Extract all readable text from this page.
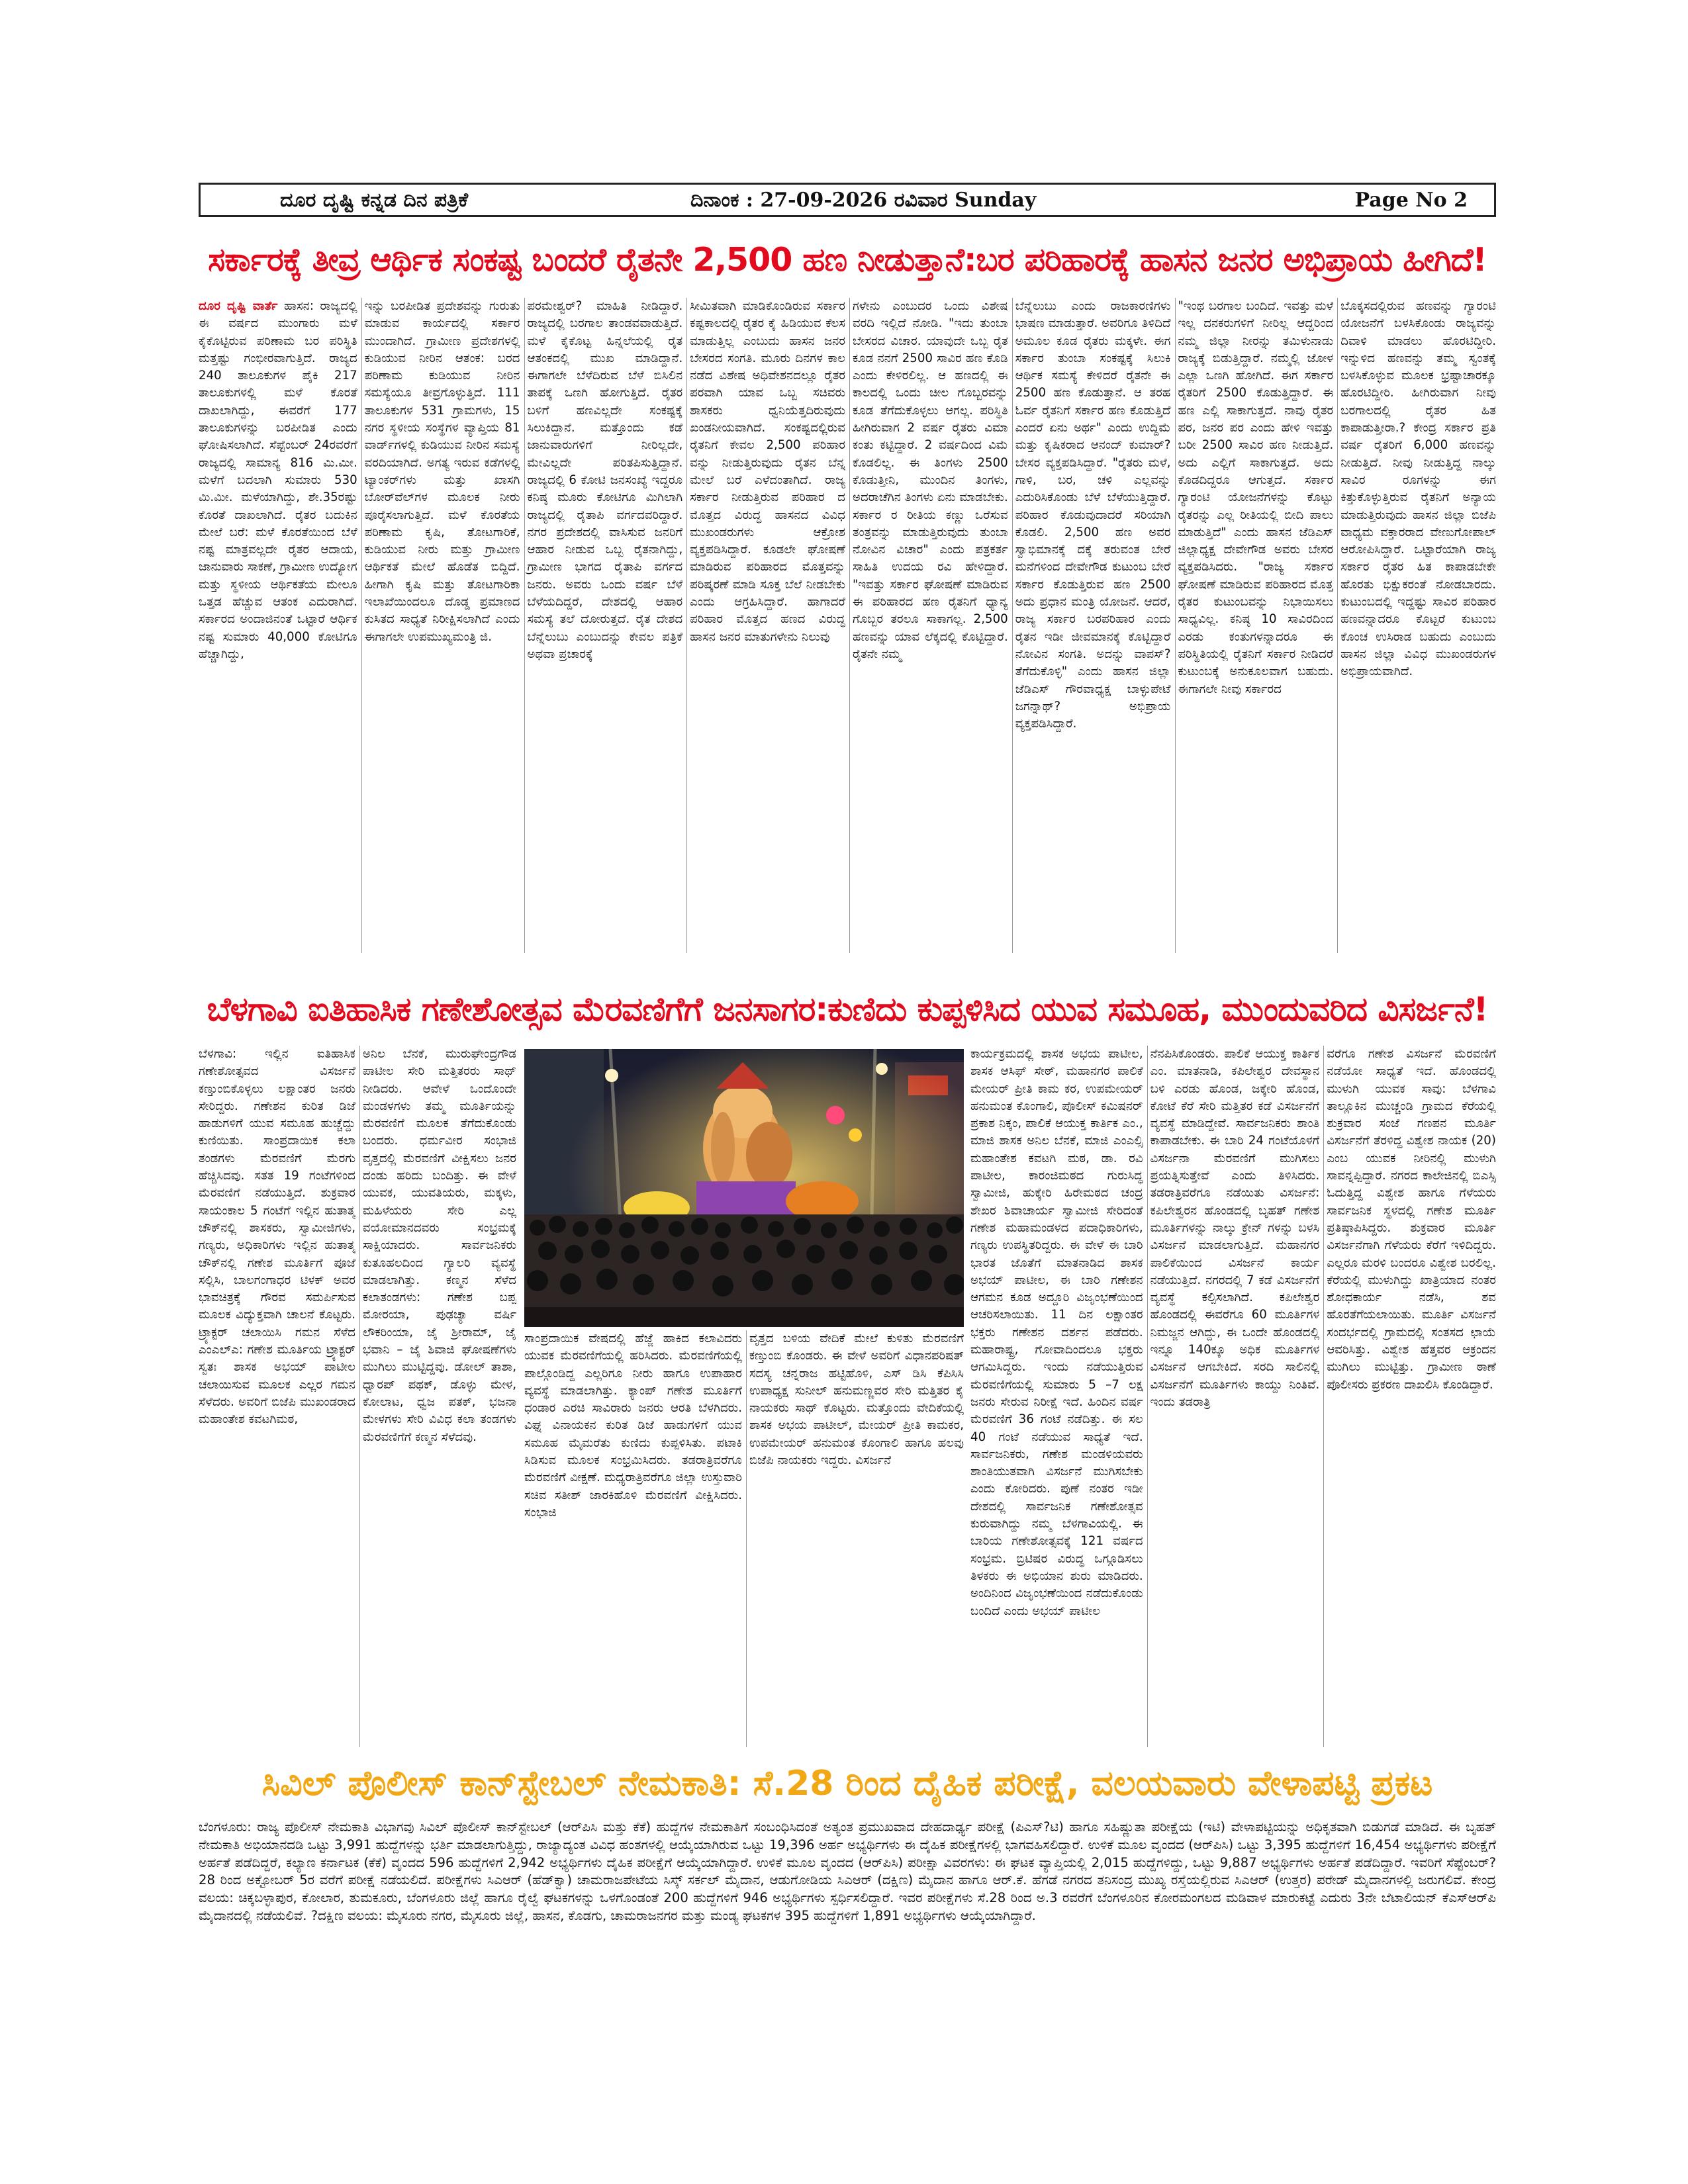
ದೂರ ದೃಷ್ಟಿ ಕನ್ನಡ ದಿನ ಪತ್ರಿಕೆ	ದಿನಾಂಕ : 27-09-2026 ರವಿವಾರ Sunday	Page No 2
ಸರ್ಕಾರಕ್ಕೆ ತೀವ್ರ ಆರ್ಥಿಕ ಸಂಕಷ್ಟ ಬಂದರೆ ರೈತನೇ 2,500 ಹಣ ನೀಡುತ್ತಾನೆ:ಬರ ಪರಿಹಾರಕ್ಕೆ ಹಾಸನ ಜನರ ಅಭಿಪ್ರಾಯ ಹೀಗಿದೆ!
ದೂರ ದೃಷ್ಟಿ ವಾರ್ತೆ ಹಾಸನ: ರಾಜ್ಯದಲ್ಲಿ ಈ ವರ್ಷದ ಮುಂಗಾರು ಮಳೆ ಕೈಕೊಟ್ಟಿರುವ ಪರಿಣಾಮ ಬರ ಪರಿಸ್ಥಿತಿ ಮತ್ತಷ್ಟು ಗಂಭೀರವಾಗುತ್ತಿದೆ. ರಾಜ್ಯದ 240 ತಾಲೂಕುಗಳ ಪೈಕಿ 217 ತಾಲೂಕುಗಳಲ್ಲಿ ಮಳೆ ಕೊರತೆ ದಾಖಲಾಗಿದ್ದು, ಈವರೆಗೆ 177 ತಾಲೂಕುಗಳನ್ನು ಬರಪೀಡಿತ ಎಂದು ಘೋಷಿಸಲಾಗಿದೆ. ಸೆಪ್ಟೆಂಬರ್ 24ರವರೆಗೆ ರಾಜ್ಯದಲ್ಲಿ ಸಾಮಾನ್ಯ 816 ಮಿ.ಮೀ. ಮಳೆಗೆ ಬದಲಾಗಿ ಸುಮಾರು 530 ಮಿ.ಮೀ. ಮಳೆಯಾಗಿದ್ದು, ಶೇ.35ರಷ್ಟು ಕೊರತೆ ದಾಖಲಾಗಿದೆ. ರೈತರ ಬದುಕಿನ ಮೇಲೆ ಬರೆ: ಮಳೆ ಕೊರತೆಯಿಂದ ಬೆಳೆ ನಷ್ಟ ಮಾತ್ರವಲ್ಲದೇ ರೈತರ ಆದಾಯ, ಜಾನುವಾರು ಸಾಕಣೆ, ಗ್ರಾಮೀಣ ಉದ್ಯೋಗ ಮತ್ತು ಸ್ಥಳೀಯ ಆರ್ಥಿಕತೆಯ ಮೇಲೂ ಒತ್ತಡ ಹೆಚ್ಚುವ ಆತಂಕ ಎದುರಾಗಿದೆ. ಸರ್ಕಾರದ ಅಂದಾಜಿನಂತೆ ಒಟ್ಟಾರೆ ಆರ್ಥಿಕ ನಷ್ಟ ಸುಮಾರು 40,000 ಕೋಟಿಗೂ ಹೆಚ್ಚಾಗಿದ್ದು,
ಇನ್ನು ಬರಪೀಡಿತ ಪ್ರದೇಶವನ್ನು ಗುರುತು ಮಾಡುವ ಕಾರ್ಯದಲ್ಲಿ ಸರ್ಕಾರ ಮುಂದಾಗಿದೆ. ಗ್ರಾಮೀಣ ಪ್ರದೇಶಗಳಲ್ಲಿ ಕುಡಿಯುವ ನೀರಿನ ಆತಂಕ: ಬರದ ಪರಿಣಾಮ ಕುಡಿಯುವ ನೀರಿನ ಸಮಸ್ಯೆಯೂ ತೀವ್ರಗೊಳ್ಳುತ್ತಿದೆ. 111 ತಾಲೂಕುಗಳ 531 ಗ್ರಾಮಗಳು, 15 ನಗರ ಸ್ಥಳೀಯ ಸಂಸ್ಥೆಗಳ ವ್ಯಾಪ್ತಿಯ 81 ವಾರ್ಡ್‌ಗಳಲ್ಲಿ ಕುಡಿಯುವ ನೀರಿನ ಸಮಸ್ಯೆ ವರದಿಯಾಗಿದೆ. ಅಗತ್ಯ ಇರುವ ಕಡೆಗಳಲ್ಲಿ ಟ್ಯಾಂಕರ್‌ಗಳು ಮತ್ತು ಖಾಸಗಿ ಬೋರ್‌ವೆಲ್‌ಗಳ ಮೂಲಕ ನೀರು ಪೂರೈಸಲಾಗುತ್ತಿದೆ. ಮಳೆ ಕೊರತೆಯ ಪರಿಣಾಮ ಕೃಷಿ, ತೋಟಗಾರಿಕೆ, ಕುಡಿಯುವ ನೀರು ಮತ್ತು ಗ್ರಾಮೀಣ ಆರ್ಥಿಕತೆ ಮೇಲೆ ಹೊಡೆತ ಬಿದ್ದಿದೆ. ಹೀಗಾಗಿ ಕೃಷಿ ಮತ್ತು ತೋಟಗಾರಿಕಾ ಇಲಾಖೆಯಿಂದಲೂ ದೊಡ್ಡ ಪ್ರಮಾಣದ ಕುಸಿತದ ಸಾಧ್ಯತೆ ನಿರೀಕ್ಷಿಸಲಾಗಿದೆ ಎಂದು ಈಗಾಗಲೇ ಉಪಮುಖ್ಯಮಂತ್ರಿ ಜಿ.
ಪರಮೇಶ್ವರ್? ಮಾಹಿತಿ ನೀಡಿದ್ದಾರೆ. ರಾಜ್ಯದಲ್ಲಿ ಬರಗಾಲ ತಾಂಡವವಾಡುತ್ತಿದೆ. ಮಳೆ ಕೈಕೊಟ್ಟ ಹಿನ್ನಲೆಯಲ್ಲಿ ರೈತ ಆತಂಕದಲ್ಲಿ ಮುಖ ಮಾಡಿದ್ದಾನೆ. ಈಗಾಗಲೇ ಬೆಳೆದಿರುವ ಬೆಳೆ ಬಿಸಿಲಿನ ತಾಪಕ್ಕೆ ಒಣಗಿ ಹೋಗುತ್ತಿದೆ. ರೈತರ ಬಳಿಗೆ ಹಣವಿಲ್ಲದೇ ಸಂಕಷ್ಟಕ್ಕೆ ಸಿಲುಕಿದ್ದಾನೆ. ಮತ್ತೊಂದು ಕಡೆ ಜಾನುವಾರುಗಳಿಗೆ ನೀರಿಲ್ಲದೇ, ಮೇವಿಲ್ಲದೇ ಪರಿತಪಿಸುತ್ತಿದ್ದಾನೆ. ರಾಜ್ಯದಲ್ಲಿ 6 ಕೋಟಿ ಜನಸಂಖ್ಯೆ ಇದ್ದರೂ ಕನಿಷ್ಠ ಮೂರು ಕೋಟಿಗೂ ಮಿಗಿಲಾಗಿ ರಾಜ್ಯದಲ್ಲಿ ರೈತಾಪಿ ವರ್ಗದವರಿದ್ದಾರೆ. ನಗರ ಪ್ರದೇಶದಲ್ಲಿ ವಾಸಿಸುವ ಜನರಿಗೆ ಆಹಾರ ನೀಡುವ ಒಬ್ಬ ರೈತನಾಗಿದ್ದು, ಗ್ರಾಮೀಣ ಭಾಗದ ರೈತಾಪಿ ವರ್ಗದ ಜನರು. ಅವರು ಒಂದು ವರ್ಷ ಬೆಳೆ ಬೆಳೆಯದಿದ್ದರೆ, ದೇಶದಲ್ಲಿ ಆಹಾರ ಸಮಸ್ಯೆ ತಲೆ ದೋರುತ್ತದೆ. ರೈತ ದೇಶದ ಬೆನ್ನೆಲುಬು ಎಂಬುದನ್ನು ಕೇವಲ ಪತ್ರಿಕೆ ಅಥವಾ ಪ್ರಚಾರಕ್ಕೆ
ಸೀಮಿತವಾಗಿ ಮಾಡಿಕೊಂಡಿರುವ ಸರ್ಕಾರ ಕಷ್ಟಕಾಲದಲ್ಲಿ ರೈತರ ಕೈ ಹಿಡಿಯುವ ಕೆಲಸ ಮಾಡುತ್ತಿಲ್ಲ ಎಂಬುದು ಹಾಸನ ಜನರ ಬೇಸರದ ಸಂಗತಿ. ಮೂರು ದಿನಗಳ ಕಾಲ ನಡೆದ ವಿಶೇಷ ಅಧಿವೇಶನದಲ್ಲೂ ರೈತರ ಪರವಾಗಿ ಯಾವ ಒಬ್ಬ ಸಚಿವರು ಶಾಸಕರು ಧ್ವನಿಯೆತ್ತದಿರುವುದು ಖಂಡನೀಯವಾಗಿದೆ. ಸಂಕಷ್ಟದಲ್ಲಿರುವ ರೈತನಿಗೆ ಕೇವಲ 2,500 ಪರಿಹಾರ ವನ್ನು ನೀಡುತ್ತಿರುವುದು ರೈತನ ಬೆನ್ನ ಮೇಲೆ ಬರೆ ಎಳೆದಂತಾಗಿದೆ. ರಾಜ್ಯ ಸರ್ಕಾರ ನೀಡುತ್ತಿರುವ ಪರಿಹಾರ ದ ಮೊತ್ತದ ವಿರುದ್ಧ ಹಾಸನದ ವಿವಿಧ ಮುಖಂಡರುಗಳು ಆಕ್ರೋಶ ವ್ಯಕ್ತಪಡಿಸಿದ್ದಾರೆ. ಕೂಡಲೇ ಘೋಷಣೆ ಮಾಡಿರುವ ಪರಿಹಾರದ ಮೊತ್ತವನ್ನು ಪರಿಷ್ಕರಣೆ ಮಾಡಿ ಸೂಕ್ತ ಬೆಲೆ ನೀಡಬೇಕು ಎಂದು ಆಗ್ರಹಿಸಿದ್ದಾರೆ. ಹಾಗಾದರೆ ಪರಿಹಾರ ಮೊತ್ತದ ಹಣದ ವಿರುದ್ಧ ಹಾಸನ ಜನರ ಮಾತುಗಳೇನು ನಿಲುವು
ಗಳೇನು ಎಂಬುದರ ಒಂದು ವಿಶೇಷ ವರದಿ ಇಲ್ಲಿದೆ ನೋಡಿ. "ಇದು ತುಂಬಾ ಬೇಸರದ ವಿಚಾರ. ಯಾವುದೇ ಒಬ್ಬ ರೈತ ಕೂಡ ನನಗೆ 2500 ಸಾವಿರ ಹಣ ಕೊಡಿ ಎಂದು ಕೇಳಿರಲಿಲ್ಲ. ಆ ಹಣದಲ್ಲಿ ಈ ಕಾಲದಲ್ಲಿ ಒಂದು ಚೀಲ ಗೊಬ್ಬರವನ್ನು ಕೂಡ ತೆಗೆದುಕೊಳ್ಳಲು ಆಗಲ್ಲ. ಪರಿಸ್ಥಿತಿ ಹೀಗಿರುವಾಗ 2 ವರ್ಷ ರೈತರು ವಿಮಾ ಕಂತು ಕಟ್ಟಿದ್ದಾರೆ. 2 ವರ್ಷದಿಂದ ವಿಮೆ ಕೊಡಲಿಲ್ಲ. ಈ ತಿಂಗಳು 2500 ಕೊಡುತ್ತೀನಿ, ಮುಂದಿನ ತಿಂಗಳು, ಅದರಾಚೆಗಿನ ತಿಂಗಳು ಏನು ಮಾಡಬೇಕು. ಸರ್ಕಾರ ರ ರೀತಿಯ ಕಣ್ಣು ಒರೆಸುವ ತಂತ್ರವನ್ನು ಮಾಡುತ್ತಿರುವುದು ತುಂಬಾ ನೋವಿನ ವಿಚಾರ" ಎಂದು ಪತ್ರಕರ್ತ ಸಾಹಿತಿ ಉದಯ ರವಿ ಹೇಳಿದ್ದಾರೆ. "ಇವತ್ತು ಸರ್ಕಾರ ಘೋಷಣೆ ಮಾಡಿರುವ ಈ ಪರಿಹಾರದ ಹಣ ರೈತನಿಗೆ ಧ್ಯಾನ್ಯ ಗೊಬ್ಬರ ತರಲೂ ಸಾಕಾಗಲ್ಲ. 2,500 ಹಣವನ್ನು ಯಾವ ಲೆಕ್ಕದಲ್ಲಿ ಕೊಟ್ಟಿದ್ದಾರೆ. ರೈತನೇ ನಮ್ಮ
ಬೆನ್ನೆಲುಬು ಎಂದು ರಾಜಕಾರಣಿಗಳು ಭಾಷಣ ಮಾಡುತ್ತಾರೆ. ಅವರಿಗೂ ತಿಳಿದಿದೆ ಅಮೂಲ ಕೂಡ ರೈತರು ಮಕ್ಕಳೇ. ಈಗ ಸರ್ಕಾರ ತುಂಬಾ ಸಂಕಷ್ಟಕ್ಕೆ ಸಿಲುಕಿ ಆರ್ಥಿಕ ಸಮಸ್ಯೆ ಕೇಳಿದರೆ ರೈತನೇ ಈ 2500 ಹಣ ಕೊಡುತ್ತಾನೆ. ಆ ತರಹ ಓರ್ವ ರೈತನಿಗೆ ಸರ್ಕಾರ ಹಣ ಕೊಡುತ್ತಿದೆ ಎಂದರೆ ಏನು ಅರ್ಥ" ಎಂದು ಉದ್ದಿಮೆ ಮತ್ತು ಕೃಷಿಕರಾದ ಆನಂದ್ ಕುಮಾರ್? ಬೇಸರ ವ್ಯಕ್ತಪಡಿಸಿದ್ದಾರೆ. "ರೈತರು ಮಳೆ, ಗಾಳಿ, ಬರ, ಚಳಿ ಎಲ್ಲವನ್ನು ಎದುರಿಸಿಕೊಂಡು ಬೆಳೆ ಬೆಳೆಯುತ್ತಿದ್ದಾರೆ. ಪರಿಹಾರ ಕೊಡುವುದಾದರೆ ಸರಿಯಾಗಿ ಕೊಡಲಿ. 2,500 ಹಣ ಅವರ ಸ್ವಾಭಿಮಾನಕ್ಕೆ ದಕ್ಕೆ ತರುವಂತ ಬೇರೆ ಮನೆಗಳಿಂದ ದೇವೇಗೌಡ ಕುಟುಂಬ ಬೇರೆ ಸರ್ಕಾರ ಕೊಡುತ್ತಿರುವ ಹಣ 2500 ಅದು ಪ್ರಧಾನ ಮಂತ್ರಿ ಯೋಜನೆ. ಆದರೆ, ರಾಜ್ಯ ಸರ್ಕಾರ ಬರಪರಿಹಾರ ಎಂದು ರೈತನ ಇಡೀ ಜೀವಮಾನಕ್ಕೆ ಕೊಟ್ಟಿದ್ದಾರೆ ನೋವಿನ ಸಂಗತಿ. ಅದನ್ನು ವಾಪಸ್? ತೆಗೆದುಕೊಳ್ಳಿ" ಎಂದು ಹಾಸನ ಜಿಲ್ಲಾ ಜೆಡಿಎಸ್ ಗೌರವಾಧ್ಯಕ್ಷ ಬಾಳ್ಳುಪೇಟೆ ಜಗನ್ನಾಥ್? ಅಭಿಪ್ರಾಯ ವ್ಯಕ್ತಪಡಿಸಿದ್ದಾರೆ.
"ಇಂಥ ಬರಗಾಲ ಬಂದಿದೆ. ಇವತ್ತು ಮಳೆ ಇಲ್ಲ ದನಕರುಗಳಿಗೆ ನೀರಿಲ್ಲ ಆದ್ದರಿಂದ ನಮ್ಮ ಜಿಲ್ಲಾ ನೀರನ್ನು ತಮಿಳುನಾಡು ರಾಜ್ಯಕ್ಕೆ ಬಿಡುತ್ತಿದ್ದಾರೆ. ನಮ್ಮಲ್ಲಿ ಜೋಳ ಎಲ್ಲಾ ಒಣಗಿ ಹೋಗಿದೆ. ಈಗ ಸರ್ಕಾರ ರೈತರಿಗೆ 2500 ಕೊಡುತ್ತಿದ್ದಾರೆ. ಈ ಹಣ ಎಲ್ಲಿ ಸಾಕಾಗುತ್ತದೆ. ನಾವು ರೈತರ ಪರ, ಜನರ ಪರ ಎಂದು ಹೇಳಿ ಇವತ್ತು ಬರೀ 2500 ಸಾವಿರ ಹಣ ನೀಡುತ್ತಿದೆ. ಅದು ಎಲ್ಲಿಗೆ ಸಾಕಾಗುತ್ತದೆ. ಅದು ಕೊಡದಿದ್ದರೂ ಆಗುತ್ತದೆ. ಸರ್ಕಾರ ಗ್ಯಾರಂಟಿ ಯೋಜನೆಗಳನ್ನು ಕೊಟ್ಟು ರೈತರನ್ನು ಎಲ್ಲ ರೀತಿಯಲ್ಲಿ ಬೀದಿ ಪಾಲು ಮಾಡುತ್ತಿದೆ" ಎಂದು ಹಾಸನ ಜೆಡಿಎಸ್ ಜಿಲ್ಲಾಧ್ಯಕ್ಷ ದೇವೇಗೌಡ ಅವರು ಬೇಸರ ವ್ಯಕ್ತಪಡಿಸಿದರು. "ರಾಜ್ಯ ಸರ್ಕಾರ ಘೋಷಣೆ ಮಾಡಿರುವ ಪರಿಹಾರದ ಮೊತ್ತ ರೈತರ ಕುಟುಂಬವನ್ನು ನಿಭಾಯಿಸಲು ಸಾಧ್ಯವಿಲ್ಲ. ಕನಿಷ್ಠ 10 ಸಾವಿರದಿಂದ ಎರಡು ಕಂತುಗಳನ್ನಾದರೂ ಈ ಪರಿಸ್ಥಿತಿಯಲ್ಲಿ ರೈತನಿಗೆ ಸರ್ಕಾರ ನೀಡಿದರೆ ಕುಟುಂಬಕ್ಕೆ ಅನುಕೂಲವಾಗ ಬಹುದು. ಈಗಾಗಲೇ ನೀವು ಸರ್ಕಾರದ
ಬೊಕ್ಕಸದಲ್ಲಿರುವ ಹಣವನ್ನು ಗ್ಯಾರಂಟಿ ಯೋಜನೆಗೆ ಬಳಸಿಕೊಂಡು ರಾಜ್ಯವನ್ನು ದಿವಾಳಿ ಮಾಡಲು ಹೊರಟಿದ್ದೀರಿ. ಇನ್ನುಳಿದ ಹಣವನ್ನು ತಮ್ಮ ಸ್ವಂತಕ್ಕೆ ಬಳಸಿಕೊಳ್ಳುವ ಮೂಲಕ ಭ್ರಷ್ಟಾಚಾರಕ್ಕೂ ಹೊರಟಿದ್ದೀರಿ. ಹೀಗಿರುವಾಗ ನೀವು ಬರಗಾಲದಲ್ಲಿ ರೈತರ ಹಿತ ಕಾಪಾಡುತ್ತೀರಾ.? ಕೇಂದ್ರ ಸರ್ಕಾರ ಪ್ರತಿ ವರ್ಷ ರೈತರಿಗೆ 6,000 ಹಣವನ್ನು ನೀಡುತ್ತಿದೆ. ನೀವು ನೀಡುತ್ತಿದ್ದ ನಾಲ್ಕು ಸಾವಿರ ರೂಗಳನ್ನು ಈಗ ಕಿತ್ತುಕೊಳ್ಳುತ್ತಿರುವ ರೈತನಿಗೆ ಅನ್ಯಾಯ ಮಾಡುತ್ತಿರುವುದು ಹಾಸನ ಜಿಲ್ಲಾ ಬಿಜೆಪಿ ವಾಧ್ಯಮ ವಕ್ತಾರರಾದ ವೇಣುಗೋಪಾಲ್ ಆರೋಪಿಸಿದ್ದಾರೆ. ಒಟ್ಟಾರೆಯಾಗಿ ರಾಜ್ಯ ಸರ್ಕಾರ ರೈತರ ಹಿತ ಕಾಪಾಡಬೇಕೇ ಹೊರತು ಭಿಕ್ಷುಕರಂತೆ ನೋಡಬಾರದು. ಕುಟುಂಬದಲ್ಲಿ ಇದ್ದಷ್ಟು ಸಾವಿರ ಪರಿಹಾರ ಹಣವನ್ನಾದರೂ ಕೊಟ್ಟರೆ ಕುಟುಂಬ ಕೊಂಚ ಉಸಿರಾಡ ಬಹುದು ಎಂಬುದು ಹಾಸನ ಜಿಲ್ಲಾ ವಿವಿಧ ಮುಖಂಡರುಗಳ ಅಭಿಪ್ರಾಯವಾಗಿದೆ.
ಬೆಳಗಾವಿ ಐತಿಹಾಸಿಕ ಗಣೇಶೋತ್ಸವ ಮೆರವಣಿಗೆಗೆ ಜನಸಾಗರ:ಕುಣಿದು ಕುಪ್ಪಳಿಸಿದ ಯುವ ಸಮೂಹ, ಮುಂದುವರಿದ ವಿಸರ್ಜನೆ!
ಬೆಳಗಾವಿ: ಇಲ್ಲಿನ ಐತಿಹಾಸಿಕ ಗಣೇಶೋತ್ಸವದ ವಿಸರ್ಜನೆ ಕಣ್ತುಂಬಿಕೊಳ್ಳಲು ಲಕ್ಷಾಂತರ ಜನರು ಸೇರಿದ್ದರು. ಗಣೇಶನ ಕುರಿತ ಡಿಜೆ ಹಾಡುಗಳಿಗೆ ಯುವ ಸಮೂಹ ಹುಚ್ಚೆದ್ದು ಕುಣಿಯಿತು. ಸಾಂಪ್ರದಾಯಿಕ ಕಲಾ ತಂಡಗಳು ಮೆರವಣಿಗೆ ಮೆರಗು ಹೆಚ್ಚಿಸಿದವು. ಸತತ 19 ಗಂಟೆಗಳಿಂದ ಮೆರವಣಿಗೆ ನಡೆಯುತ್ತಿದೆ. ಶುಕ್ರವಾರ ಸಾಯಂಕಾಲ 5 ಗಂಟೆಗೆ ಇಲ್ಲಿನ ಹುತಾತ್ಮ ಚೌಕ್‌ನಲ್ಲಿ ಶಾಸಕರು, ಸ್ವಾಮೀಜಿಗಳು, ಗಣ್ಯರು, ಅಧಿಕಾರಿಗಳು ಇಲ್ಲಿನ ಹುತಾತ್ಮ ಚೌಕ್‌ನಲ್ಲಿ ಗಣೇಶ ಮೂರ್ತಿಗೆ ಪೂಜೆ ಸಲ್ಲಿಸಿ, ಬಾಲಗಂಗಾಧರ ಟಿಳಕ್ ಅವರ ಭಾವಚಿತ್ರಕ್ಕೆ ಗೌರವ ಸಮರ್ಪಿಸುವ ಮೂಲಕ ವಿದ್ಯುಕ್ತವಾಗಿ ಚಾಲನೆ ಕೊಟ್ಟರು. ಟ್ರ್ಯಾಕ್ಟರ್ ಚಲಾಯಿಸಿ ಗಮನ ಸೆಳೆದ ಎಂಎಲ್‌ಎ: ಗಣೇಶ ಮೂರ್ತಿಯ ಟ್ರ್ಯಾಕ್ಟರ್ ಸ್ವತಃ ಶಾಸಕ ಅಭಯ್ ಪಾಟೀಲ ಚಲಾಯಿಸುವ ಮೂಲಕ ಎಲ್ಲರ ಗಮನ ಸೆಳೆದರು. ಅವರಿಗೆ ಬಿಜೆಪಿ ಮುಖಂಡರಾದ ಮಹಾಂತೇಶ ಕವಟಗಿಮಠ,
ಅನಿಲ ಬೆನಕೆ, ಮುರುಘೇಂದ್ರಗೌಡ ಪಾಟೀಲ ಸೇರಿ ಮತ್ತಿತರರು ಸಾಥ್ ನೀಡಿದರು. ಆವೇಳೆ ಒಂದೊಂದೇ ಮಂಡಳಗಳು ತಮ್ಮ ಮೂರ್ತಿಯನ್ನು ಮೆರವಣಿಗೆ ಮೂಲಕ ತೆಗೆದುಕೊಂಡು ಬಂದರು. ಧರ್ಮವೀರ ಸಂಭಾಜಿ ವೃತ್ತದಲ್ಲಿ ಮೆರವಣಿಗೆ ವೀಕ್ಷಿಸಲು ಜನರ ದಂಡು ಹರಿದು ಬಂದಿತ್ತು. ಈ ವೇಳೆ ಯುವಕ, ಯುವತಿಯರು, ಮಕ್ಕಳು, ಮಹಿಳೆಯರು ಸೇರಿ ಎಲ್ಲ ವಯೋಮಾನದವರು ಸಂಭ್ರಮಕ್ಕೆ ಸಾಕ್ಷಿಯಾದರು. ಸಾರ್ವಜನಿಕರು ಕುತೂಹಲದಿಂದ ಗ್ಯಾಲರಿ ವ್ಯವಸ್ಥೆ ಮಾಡಲಾಗಿತ್ತು. ಕಣ್ಮನ ಸೆಳೆದ ಕಲಾತಂಡಗಳು: ಗಣೇಶ ಬಪ್ಪ ಮೋರಯಾ, ಪುಢಚ್ಯಾ ವರ್ಷಿ ಲೌಕರಿಂಯಾ, ಜೈ ಶ್ರೀರಾಮ್, ಜೈ ಭವಾನಿ – ಜೈ ಶಿವಾಜಿ ಘೋಷಣೆಗಳು ಮುಗಿಲು ಮುಟ್ಟಿದ್ದವು. ಡೋಲ್ ತಾಶಾ, ಧ್ವಾರಪ್ ಪಥಕ್, ಡೊಳ್ಳು ಮೇಳ, ಕೋಲಾಟ, ಧ್ವಜ ಪತಕ್, ಭಜನಾ ಮೇಳಗಳು ಸೇರಿ ವಿವಿಧ ಕಲಾ ತಂಡಗಳು ಮೆರವಣಿಗೆಗೆ ಕಣ್ಮನ ಸೆಳೆದವು.
ಸಾಂಪ್ರದಾಯಿಕ ವೇಷದಲ್ಲಿ ಹೆಜ್ಜೆ ಹಾಕಿದ ಕಲಾವಿದರು ಯುವಕ ಮೆರವಣಿಗೆಯಲ್ಲಿ ಹರಿಸಿದರು. ಮೆರವಣಿಗೆಯಲ್ಲಿ ಪಾಲ್ಗೊಂಡಿದ್ದ ಎಲ್ಲರಿಗೂ ನೀರು ಹಾಗೂ ಉಪಾಹಾರ ವ್ಯವಸ್ಥೆ ಮಾಡಲಾಗಿತ್ತು. ಕ್ಯಾಂಪ್ ಗಣೇಶ ಮೂರ್ತಿಗೆ ಧಂಡಾರ ಎರಚಿ ಸಾವಿರಾರು ಜನರು ಆರತಿ ಬೆಳಗಿದರು. ವಿಘ್ನ ವಿನಾಯಕನ ಕುರಿತ ಡಿಜೆ ಹಾಡುಗಳಿಗೆ ಯುವ ಸಮೂಹ ಮೈಮರೆತು ಕುಣಿದು ಕುಪ್ಪಳಿಸಿತು. ಪಟಾಕಿ ಸಿಡಿಸುವ ಮೂಲಕ ಸಂಭ್ರಮಿಸಿದರು. ತಡರಾತ್ರಿವರೆಗೂ ಮೆರವಣಿಗೆ ವೀಕ್ಷಣೆ. ಮಧ್ಯರಾತ್ರಿವರೆಗೂ ಜಿಲ್ಲಾ ಉಸ್ತುವಾರಿ ಸಚಿವ ಸತೀಶ್ ಜಾರಕಿಹೊಳಿ ಮೆರವಣಿಗೆ ವೀಕ್ಷಿಸಿದರು. ಸಂಭಾಜಿ
ವೃತ್ತದ ಬಳಿಯ ವೇದಿಕೆ ಮೇಲೆ ಕುಳಿತು ಮೆರವಣಿಗೆ ಕಣ್ತುಂಬಿ ಕೊಂಡರು. ಈ ವೇಳೆ ಅವರಿಗೆ ವಿಧಾನಪರಿಷತ್ ಸದಸ್ಯ ಚನ್ನರಾಜ ಹಟ್ಟಿಹೊಳಿ, ಎಸ್ ಡಿಸಿ ಕೆಪಿಸಿಸಿ ಉಪಾಧ್ಯಕ್ಷ ಸುನೀಲ್ ಹನುಮಣ್ಣವರ ಸೇರಿ ಮತ್ತಿತರ ಕೈ ನಾಯಕರು ಸಾಥ್ ಕೊಟ್ಟರು. ಮತ್ತೊಂದು ವೇದಿಕೆಯಲ್ಲಿ ಶಾಸಕ ಅಭಯ ಪಾಟೀಲ್, ಮೇಯರ್ ಪ್ರೀತಿ ಕಾಮಕರ, ಉಪಮೇಯರ್ ಹನುಮಂತ ಕೊಂಗಾಲಿ ಹಾಗೂ ಹಲವು ಬಿಜೆಪಿ ನಾಯಕರು ಇದ್ದರು. ವಿಸರ್ಜನೆ
ಕಾರ್ಯಕ್ರಮದಲ್ಲಿ ಶಾಸಕ ಅಭಯ ಪಾಟೀಲ, ಶಾಸಕ ಆಸಿಫ್ ಸೇಠ್, ಮಹಾನಗರ ಪಾಲಿಕೆ ಮೇಯರ್ ಪ್ರೀತಿ ಕಾಮ ಕರ, ಉಪಮೇಯರ್ ಹನುಮಂತ ಕೊಂಗಾಲಿ, ಪೊಲೀಸ್ ಕಮಿಷನರ್ ಪ್ರಕಾಶ ನಿಕ್ಕಂ, ಪಾಲಿಕೆ ಆಯುಕ್ತ ಕಾರ್ತಿಕ ಎಂ., ಮಾಜಿ ಶಾಸಕ ಅನಿಲ ಬೆನಕೆ, ಮಾಜಿ ಎಂಎಲ್ಸಿ ಮಹಾಂತೇಶ ಕವಟಗಿ ಮಠ, ಡಾ. ರವಿ ಪಾಟೀಲ, ಕಾರಂಜಿಮಠದ ಗುರುಸಿದ್ಧ ಸ್ವಾಮೀಜಿ, ಹುಕ್ಕೇರಿ ಹಿರೇಮಠದ ಚಂದ್ರ ಶೇಖರ ಶಿವಾಚಾರ್ಯ ಸ್ವಾಮೀಜಿ ಸೇರಿದಂತೆ ಗಣೇಶ ಮಹಾಮಂಡಳದ ಪದಾಧಿಕಾರಿಗಳು, ಗಣ್ಯರು ಉಪಸ್ಥಿತರಿದ್ದರು. ಈ ವೇಳೆ ಈ ಬಾರಿ ಭಾರತ ಜೊತೆಗೆ ಮಾತನಾಡಿದ ಶಾಸಕ ಅಭಯ್ ಪಾಟೀಲ, ಈ ಬಾರಿ ಗಣೇಶನ ಆಗಮನ ಕೂಡ ಅದ್ದೂರಿ ವಿಜೃಂಭಣೆಯಿಂದ ಆಚರಿಸಲಾಯಿತು. 11 ದಿನ ಲಕ್ಷಾಂತರ ಭಕ್ತರು ಗಣೇಶನ ದರ್ಶನ ಪಡೆದರು. ಮಹಾರಾಷ್ಟ್ರ, ಗೋವಾದಿಂದಲೂ ಭಕ್ತರು ಆಗಮಿಸಿದ್ದರು. ಇಂದು ನಡೆಯುತ್ತಿರುವ ಮೆರವಣಿಗೆಯಲ್ಲಿ ಸುಮಾರು 5 –7 ಲಕ್ಷ ಜನರು ಸೇರುವ ನಿರೀಕ್ಷೆ ಇದೆ. ಹಿಂದಿನ ವರ್ಷ ಮೆರವಣಿಗೆ 36 ಗಂಟೆ ನಡೆದಿತ್ತು. ಈ ಸಲ 40 ಗಂಟೆ ನಡೆಯುವ ಸಾಧ್ಯತೆ ಇದೆ. ಸಾರ್ವಜನಿಕರು, ಗಣೇಶ ಮಂಡಳಿಯವರು ಶಾಂತಿಯುತವಾಗಿ ವಿಸರ್ಜನೆ ಮುಗಿಸಬೇಕು ಎಂದು ಕೋರಿದರು. ಪುಣೆ ನಂತರ ಇಡೀ ದೇಶದಲ್ಲಿ ಸಾರ್ವಜನಿಕ ಗಣೇಶೋತ್ಸವ ಕುರುವಾಗಿದ್ದು ನಮ್ಮ ಬೆಳಗಾವಿಯಲ್ಲಿ. ಈ ಬಾರಿಯ ಗಣೇಶೋತ್ಸವಕ್ಕೆ 121 ವರ್ಷದ ಸಂಭ್ರಮ. ಬ್ರಿಟಿಷರ ವಿರುದ್ಧ ಒಗ್ಗೂಡಿಸಲು ತಿಳಕರು ಈ ಅಭಿಯಾನ ಶುರು ಮಾಡಿದರು. ಅಂದಿನಿಂದ ವಿಜೃಂಭಣೆಯಿಂದ ನಡೆದುಕೊಂಡು ಬಂದಿದೆ ಎಂದು ಅಭಯ್ ಪಾಟೀಲ
ನೆನಪಿಸಿಕೊಂಡರು. ಪಾಲಿಕೆ ಆಯುಕ್ತ ಕಾರ್ತಿಕ ಎಂ. ಮಾತನಾಡಿ, ಕಪಿಲೇಶ್ವರ ದೇವಸ್ಥಾನ ಬಳಿ ಎರಡು ಹೊಂಡ, ಜಕ್ಕೇರಿ ಹೊಂಡ, ಕೋಟೆ ಕೆರೆ ಸೇರಿ ಮತ್ತಿತರ ಕಡೆ ವಿಸರ್ಜನೆಗೆ ವ್ಯವಸ್ಥೆ ಮಾಡಿದ್ದೇವೆ. ಸಾರ್ವಜನಿಕರು ಶಾಂತಿ ಕಾಪಾಡಬೇಕು. ಈ ಬಾರಿ 24 ಗಂಟೆಯೊಳಗೆ ವಿಸರ್ಜನಾ ಮೆರವಣಿಗೆ ಮುಗಿಸಲು ಪ್ರಯತ್ನಿಸುತ್ತೇವೆ ಎಂದು ತಿಳಿಸಿದರು. ತಡರಾತ್ರಿವರೆಗೂ ನಡೆಯಿತು ವಿಸರ್ಜನೆ: ಕಪಿಲೇಶ್ವರನ ಹೊಂಡದಲ್ಲಿ ಬೃಹತ್ ಗಣೇಶ ಮೂರ್ತಿಗಳನ್ನು ನಾಲ್ಕು ಕ್ರೇನ್ ಗಳನ್ನು ಬಳಸಿ ವಿಸರ್ಜನೆ ಮಾಡಲಾಗುತ್ತಿದೆ. ಮಹಾನಗರ ಪಾಲಿಕೆಯಿಂದ ವಿಸರ್ಜನೆ ಕಾರ್ಯ ನಡೆಯುತ್ತಿದೆ. ನಗರದಲ್ಲಿ 7 ಕಡೆ ವಿಸರ್ಜನೆಗೆ ವ್ಯವಸ್ಥೆ ಕಲ್ಪಿಸಲಾಗಿದೆ. ಕಪಿಲೇಶ್ವರ ಹೊಂಡದಲ್ಲಿ ಈವರೆಗೂ 60 ಮೂರ್ತಿಗಳ ನಿಮಜ್ಜನ ಆಗಿದ್ದು, ಈ ಒಂದೇ ಹೊಂಡದಲ್ಲಿ ಇನ್ನೂ 140ಕ್ಕೂ ಅಧಿಕ ಮೂರ್ತಿಗಳ ವಿಸರ್ಜನೆ ಆಗಬೇಕಿದೆ. ಸರದಿ ಸಾಲಿನಲ್ಲಿ ವಿಸರ್ಜನೆಗೆ ಮೂರ್ತಿಗಳು ಕಾಯ್ದು ನಿಂತಿವೆ. ಇಂದು ತಡರಾತ್ರಿ
ವರೆಗೂ ಗಣೇಶ ವಿಸರ್ಜನೆ ಮೆರವಣಿಗೆ ನಡೆಯೋ ಸಾಧ್ಯತೆ ಇದೆ. ಹೊಂಡದಲ್ಲಿ ಮುಳುಗಿ ಯುವಕ ಸಾವು: ಬೆಳಗಾವಿ ತಾಲ್ಲೂಕಿನ ಮುಚ್ಚಂಡಿ ಗ್ರಾಮದ ಕೆರೆಯಲ್ಲಿ ಶುಕ್ರವಾರ ಸಂಜೆ ಗಣಪನ ಮೂರ್ತಿ ವಿಸರ್ಜನೆಗೆ ತೆರಳಿದ್ದ ವಿಶ್ವೇಶ ನಾಯಕ (20) ಎಂಬ ಯುವಕ ನೀರಿನಲ್ಲಿ ಮುಳುಗಿ ಸಾವನ್ನಪ್ಪಿದ್ದಾರೆ. ನಗರದ ಕಾಲೇಜಿನಲ್ಲಿ ಬಿಎಸ್ಸಿ ಓದುತ್ತಿದ್ದ ವಿಶ್ವೇಶ ಹಾಗೂ ಗೆಳೆಯರು ಸಾರ್ವಜನಿಕ ಸ್ಥಳದಲ್ಲಿ ಗಣೇಶ ಮೂರ್ತಿ ಪ್ರತಿಷ್ಠಾಪಿಸಿದ್ದರು. ಶುಕ್ರವಾರ ಮೂರ್ತಿ ವಿಸರ್ಜನೆಗಾಗಿ ಗೆಳೆಯರು ಕೆರೆಗೆ ಇಳಿದಿದ್ದರು. ಎಲ್ಲರೂ ಮರಳಿ ಬಂದರೂ ವಿಶ್ವೇಶ ಬರಲಿಲ್ಲ. ಕೆರೆಯಲ್ಲಿ ಮುಳುಗಿದ್ದು ಖಾತ್ರಿಯಾದ ನಂತರ ಶೋಧಕಾರ್ಯ ನಡೆಸಿ, ಶವ ಹೊರತೆಗೆಯಲಾಯಿತು. ಮೂರ್ತಿ ವಿಸರ್ಜನೆ ಸಂದರ್ಭದಲ್ಲಿ ಗ್ರಾಮದಲ್ಲಿ ಸಂತಸದ ಛಾಯೆ ಆವರಿಸಿತ್ತು. ವಿಶ್ವೇಶ ಹೆತ್ತವರ ಆಕ್ರಂದನ ಮುಗಿಲು ಮುಟ್ಟಿತ್ತು. ಗ್ರಾಮೀಣ ಠಾಣೆ ಪೊಲೀಸರು ಪ್ರಕರಣ ದಾಖಲಿಸಿ ಕೊಂಡಿದ್ದಾರೆ.
ಸಿವಿಲ್ ಪೊಲೀಸ್ ಕಾನ್‌ಸ್ಟೇಬಲ್ ನೇಮಕಾತಿ: ಸೆ.28 ರಿಂದ ದೈಹಿಕ ಪರೀಕ್ಷೆ, ವಲಯವಾರು ವೇಳಾಪಟ್ಟಿ ಪ್ರಕಟ
ಬೆಂಗಳೂರು: ರಾಜ್ಯ ಪೊಲೀಸ್ ನೇಮಕಾತಿ ವಿಭಾಗವು ಸಿವಿಲ್ ಪೊಲೀಸ್ ಕಾನ್‌ಸ್ಟೇಬಲ್ (ಆರ್‌ಪಿಸಿ ಮತ್ತು ಕೆಕೆ) ಹುದ್ದೆಗಳ ನೇಮಕಾತಿಗೆ ಸಂಬಂಧಿಸಿದಂತೆ ಅತ್ಯಂತ ಪ್ರಮುಖವಾದ ದೇಹದಾರ್ಢ್ಯ ಪರೀಕ್ಷೆ (ಪಿಎಸ್?ಟಿ) ಹಾಗೂ ಸಹಿಷ್ಣುತಾ ಪರೀಕ್ಷೆಯ (ಇಟಿ) ವೇಳಾಪಟ್ಟಿಯನ್ನು ಅಧಿಕೃತವಾಗಿ ಬಿಡುಗಡೆ ಮಾಡಿದೆ. ಈ ಬೃಹತ್ ನೇಮಕಾತಿ ಅಭಿಯಾನದಡಿ ಒಟ್ಟು 3,991 ಹುದ್ದೆಗಳನ್ನು ಭರ್ತಿ ಮಾಡಲಾಗುತ್ತಿದ್ದು, ರಾಜ್ಯಾದ್ಯಂತ ವಿವಿಧ ಹಂತಗಳಲ್ಲಿ ಆಯ್ಕೆಯಾಗಿರುವ ಒಟ್ಟು 19,396 ಅರ್ಹ ಅಭ್ಯರ್ಥಿಗಳು ಈ ದೈಹಿಕ ಪರೀಕ್ಷೆಗಳಲ್ಲಿ ಭಾಗವಹಿಸಲಿದ್ದಾರೆ. ಉಳಿಕೆ ಮೂಲ ವೃಂದದ (ಆರ್‌ಪಿಸಿ) ಒಟ್ಟು 3,395 ಹುದ್ದೆಗಳಿಗೆ 16,454 ಅಭ್ಯರ್ಥಿಗಳು ಪರೀಕ್ಷೆಗೆ ಅರ್ಹತೆ ಪಡೆದಿದ್ದರೆ, ಕಲ್ಯಾಣ ಕರ್ನಾಟಕ (ಕೆಕೆ) ವೃಂದದ 596 ಹುದ್ದೆಗಳಿಗೆ 2,942 ಅಭ್ಯರ್ಥಿಗಳು ದೈಹಿಕ ಪರೀಕ್ಷೆಗೆ ಆಯ್ಕೆಯಾಗಿದ್ದಾರೆ. ಉಳಿಕೆ ಮೂಲ ವೃಂದದ (ಆರ್‌ಪಿಸಿ) ಪರೀಕ್ಷಾ ವಿವರಗಳು: ಈ ಘಟಕ ವ್ಯಾಪ್ತಿಯಲ್ಲಿ 2,015 ಹುದ್ದೆಗಳಿದ್ದು, ಒಟ್ಟು 9,887 ಅಭ್ಯರ್ಥಿಗಳು ಅರ್ಹತೆ ಪಡೆದಿದ್ದಾರೆ. ಇವರಿಗೆ ಸೆಪ್ಟೆಂಬರ್? 28 ರಿಂದ ಅಕ್ಟೋಬರ್ 5ರ ವರೆಗೆ ಪರೀಕ್ಷೆ ನಡೆಯಲಿದೆ. ಪರೀಕ್ಷೆಗಳು ಸಿಎಆರ್ (ಹೆಡ್‌ಕ್ವಾ) ಚಾಮರಾಜಪೇಟೆಯ ಸಿಸ್ಕ್ ಸರ್ಕಲ್ ಮೈದಾನ, ಆಡುಗೋಡಿಯ ಸಿಎಆರ್ (ದಕ್ಷಿಣ) ಮೈದಾನ ಹಾಗೂ ಆರ್.ಕೆ. ಹೆಗಡೆ ನಗರದ ತನಿಸಂದ್ರ ಮುಖ್ಯ ರಸ್ತೆಯಲ್ಲಿರುವ ಸಿಎಆರ್ (ಉತ್ತರ) ಪರೇಡ್ ಮೈದಾನಗಳಲ್ಲಿ ಜರುಗಲಿವೆ. ಕೇಂದ್ರ ವಲಯ: ಚಿಕ್ಕಬಳ್ಳಾಪುರ, ಕೋಲಾರ, ತುಮಕೂರು, ಬೆಂಗಳೂರು ಜಿಲ್ಲೆ ಹಾಗೂ ರೈಲ್ವೆ ಘಟಕಗಳನ್ನು ಒಳಗೊಂಡಂತೆ 200 ಹುದ್ದೆಗಳಿಗೆ 946 ಅಭ್ಯರ್ಥಿಗಳು ಸ್ಪರ್ಧಿಸಲಿದ್ದಾರೆ. ಇವರ ಪರೀಕ್ಷೆಗಳು ಸೆ.28 ರಿಂದ ಅ.3 ರವರೆಗೆ ಬೆಂಗಳೂರಿನ ಕೋರಮಂಗಲದ ಮಡಿವಾಳ ಮಾರುಕಟ್ಟೆ ಎದುರು 3ನೇ ಬೆಟಾಲಿಯನ್ ಕೆಎಸ್‌ಆರ್‌ಪಿ ಮೈದಾನದಲ್ಲಿ ನಡೆಯಲಿವೆ. ?ದಕ್ಷಿಣ ವಲಯ: ಮೈಸೂರು ನಗರ, ಮೈಸೂರು ಜಿಲ್ಲೆ, ಹಾಸನ, ಕೊಡಗು, ಚಾಮರಾಜನಗರ ಮತ್ತು ಮಂಡ್ಯ ಘಟಕಗಳ 395 ಹುದ್ದೆಗಳಿಗೆ 1,891 ಅಭ್ಯರ್ಥಿಗಳು ಆಯ್ಕೆಯಾಗಿದ್ದಾರೆ.
